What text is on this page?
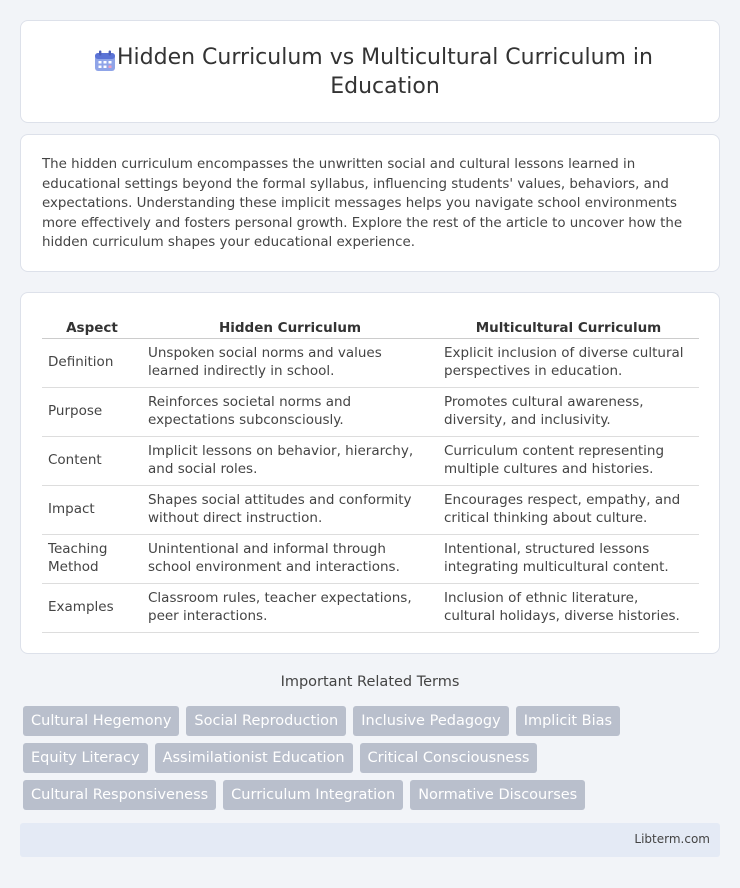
Hidden Curriculum vs Multicultural Curriculum in Education

The hidden curriculum encompasses the unwritten social and cultural lessons learned in educational settings beyond the formal syllabus, influencing students' values, behaviors, and expectations. Understanding these implicit messages helps you navigate school environments more effectively and fosters personal growth. Explore the rest of the article to uncover how the hidden curriculum shapes your educational experience.

Aspect	Hidden Curriculum	Multicultural Curriculum
Definition	Unspoken social norms and values learned indirectly in school.	Explicit inclusion of diverse cultural perspectives in education.
Purpose	Reinforces societal norms and expectations subconsciously.	Promotes cultural awareness, diversity, and inclusivity.
Content	Implicit lessons on behavior, hierarchy, and social roles.	Curriculum content representing multiple cultures and histories.
Impact	Shapes social attitudes and conformity without direct instruction.	Encourages respect, empathy, and critical thinking about culture.
Teaching Method	Unintentional and informal through school environment and interactions.	Intentional, structured lessons integrating multicultural content.
Examples	Classroom rules, teacher expectations, peer interactions.	Inclusion of ethnic literature, cultural holidays, diverse histories.
Important Related Terms
Cultural Hegemony	Social Reproduction	Inclusive Pedagogy	Implicit Bias
Equity Literacy	Assimilationist Education	Critical Consciousness
Cultural Responsiveness	Curriculum Integration	Normative Discourses
Libterm.com
